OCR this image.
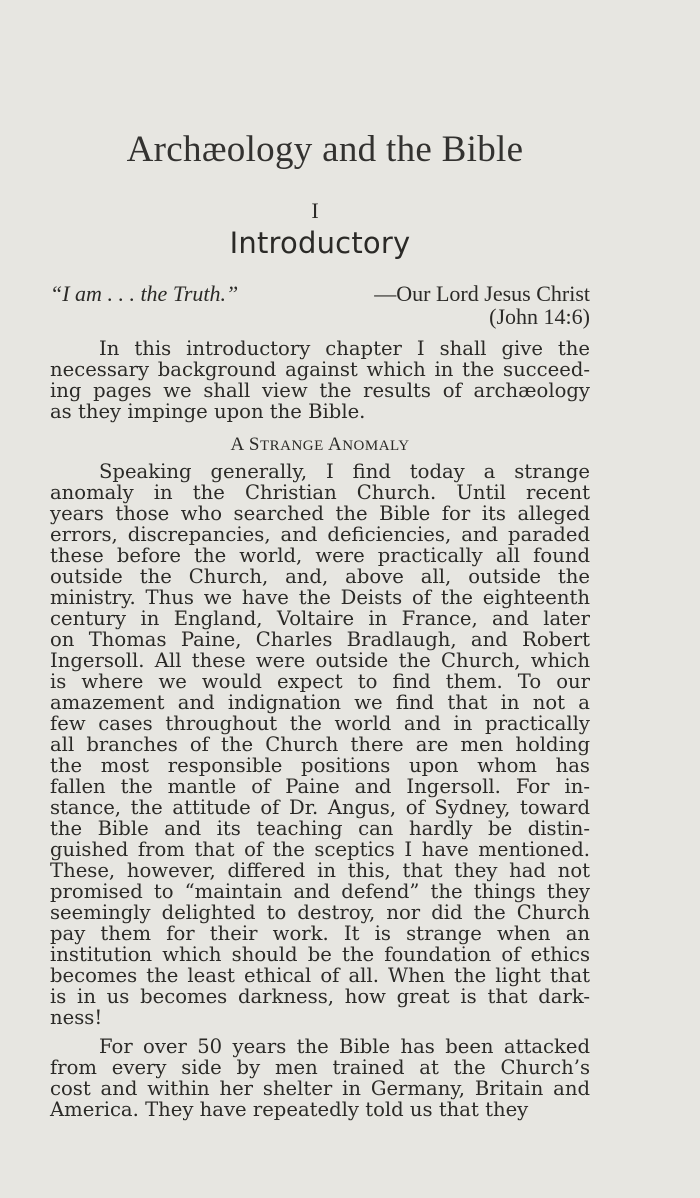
Archæology and the Bible
I
Introductory
“I am . . . the Truth.”	—Our Lord Jesus Christ
(John 14:6)
In this introductory chapter I shall give the
necessary background against which in the succeed-
ing pages we shall view the results of archæology
as they impinge upon the Bible.
A STRANGE ANOMALY
Speaking generally, I find today a strange
anomaly in the Christian Church. Until recent
years those who searched the Bible for its alleged
errors, discrepancies, and deficiencies, and paraded
these before the world, were practically all found
outside the Church, and, above all, outside the
ministry. Thus we have the Deists of the eighteenth
century in England, Voltaire in France, and later
on Thomas Paine, Charles Bradlaugh, and Robert
Ingersoll. All these were outside the Church, which
is where we would expect to find them. To our
amazement and indignation we find that in not a
few cases throughout the world and in practically
all branches of the Church there are men holding
the most responsible positions upon whom has
fallen the mantle of Paine and Ingersoll. For in-
stance, the attitude of Dr. Angus, of Sydney, toward
the Bible and its teaching can hardly be distin-
guished from that of the sceptics I have mentioned.
These, however, differed in this, that they had not
promised to “maintain and defend” the things they
seemingly delighted to destroy, nor did the Church
pay them for their work. It is strange when an
institution which should be the foundation of ethics
becomes the least ethical of all. When the light that
is in us becomes darkness, how great is that dark-
ness!
For over 50 years the Bible has been attacked
from every side by men trained at the Church’s
cost and within her shelter in Germany, Britain and
America. They have repeatedly told us that they
